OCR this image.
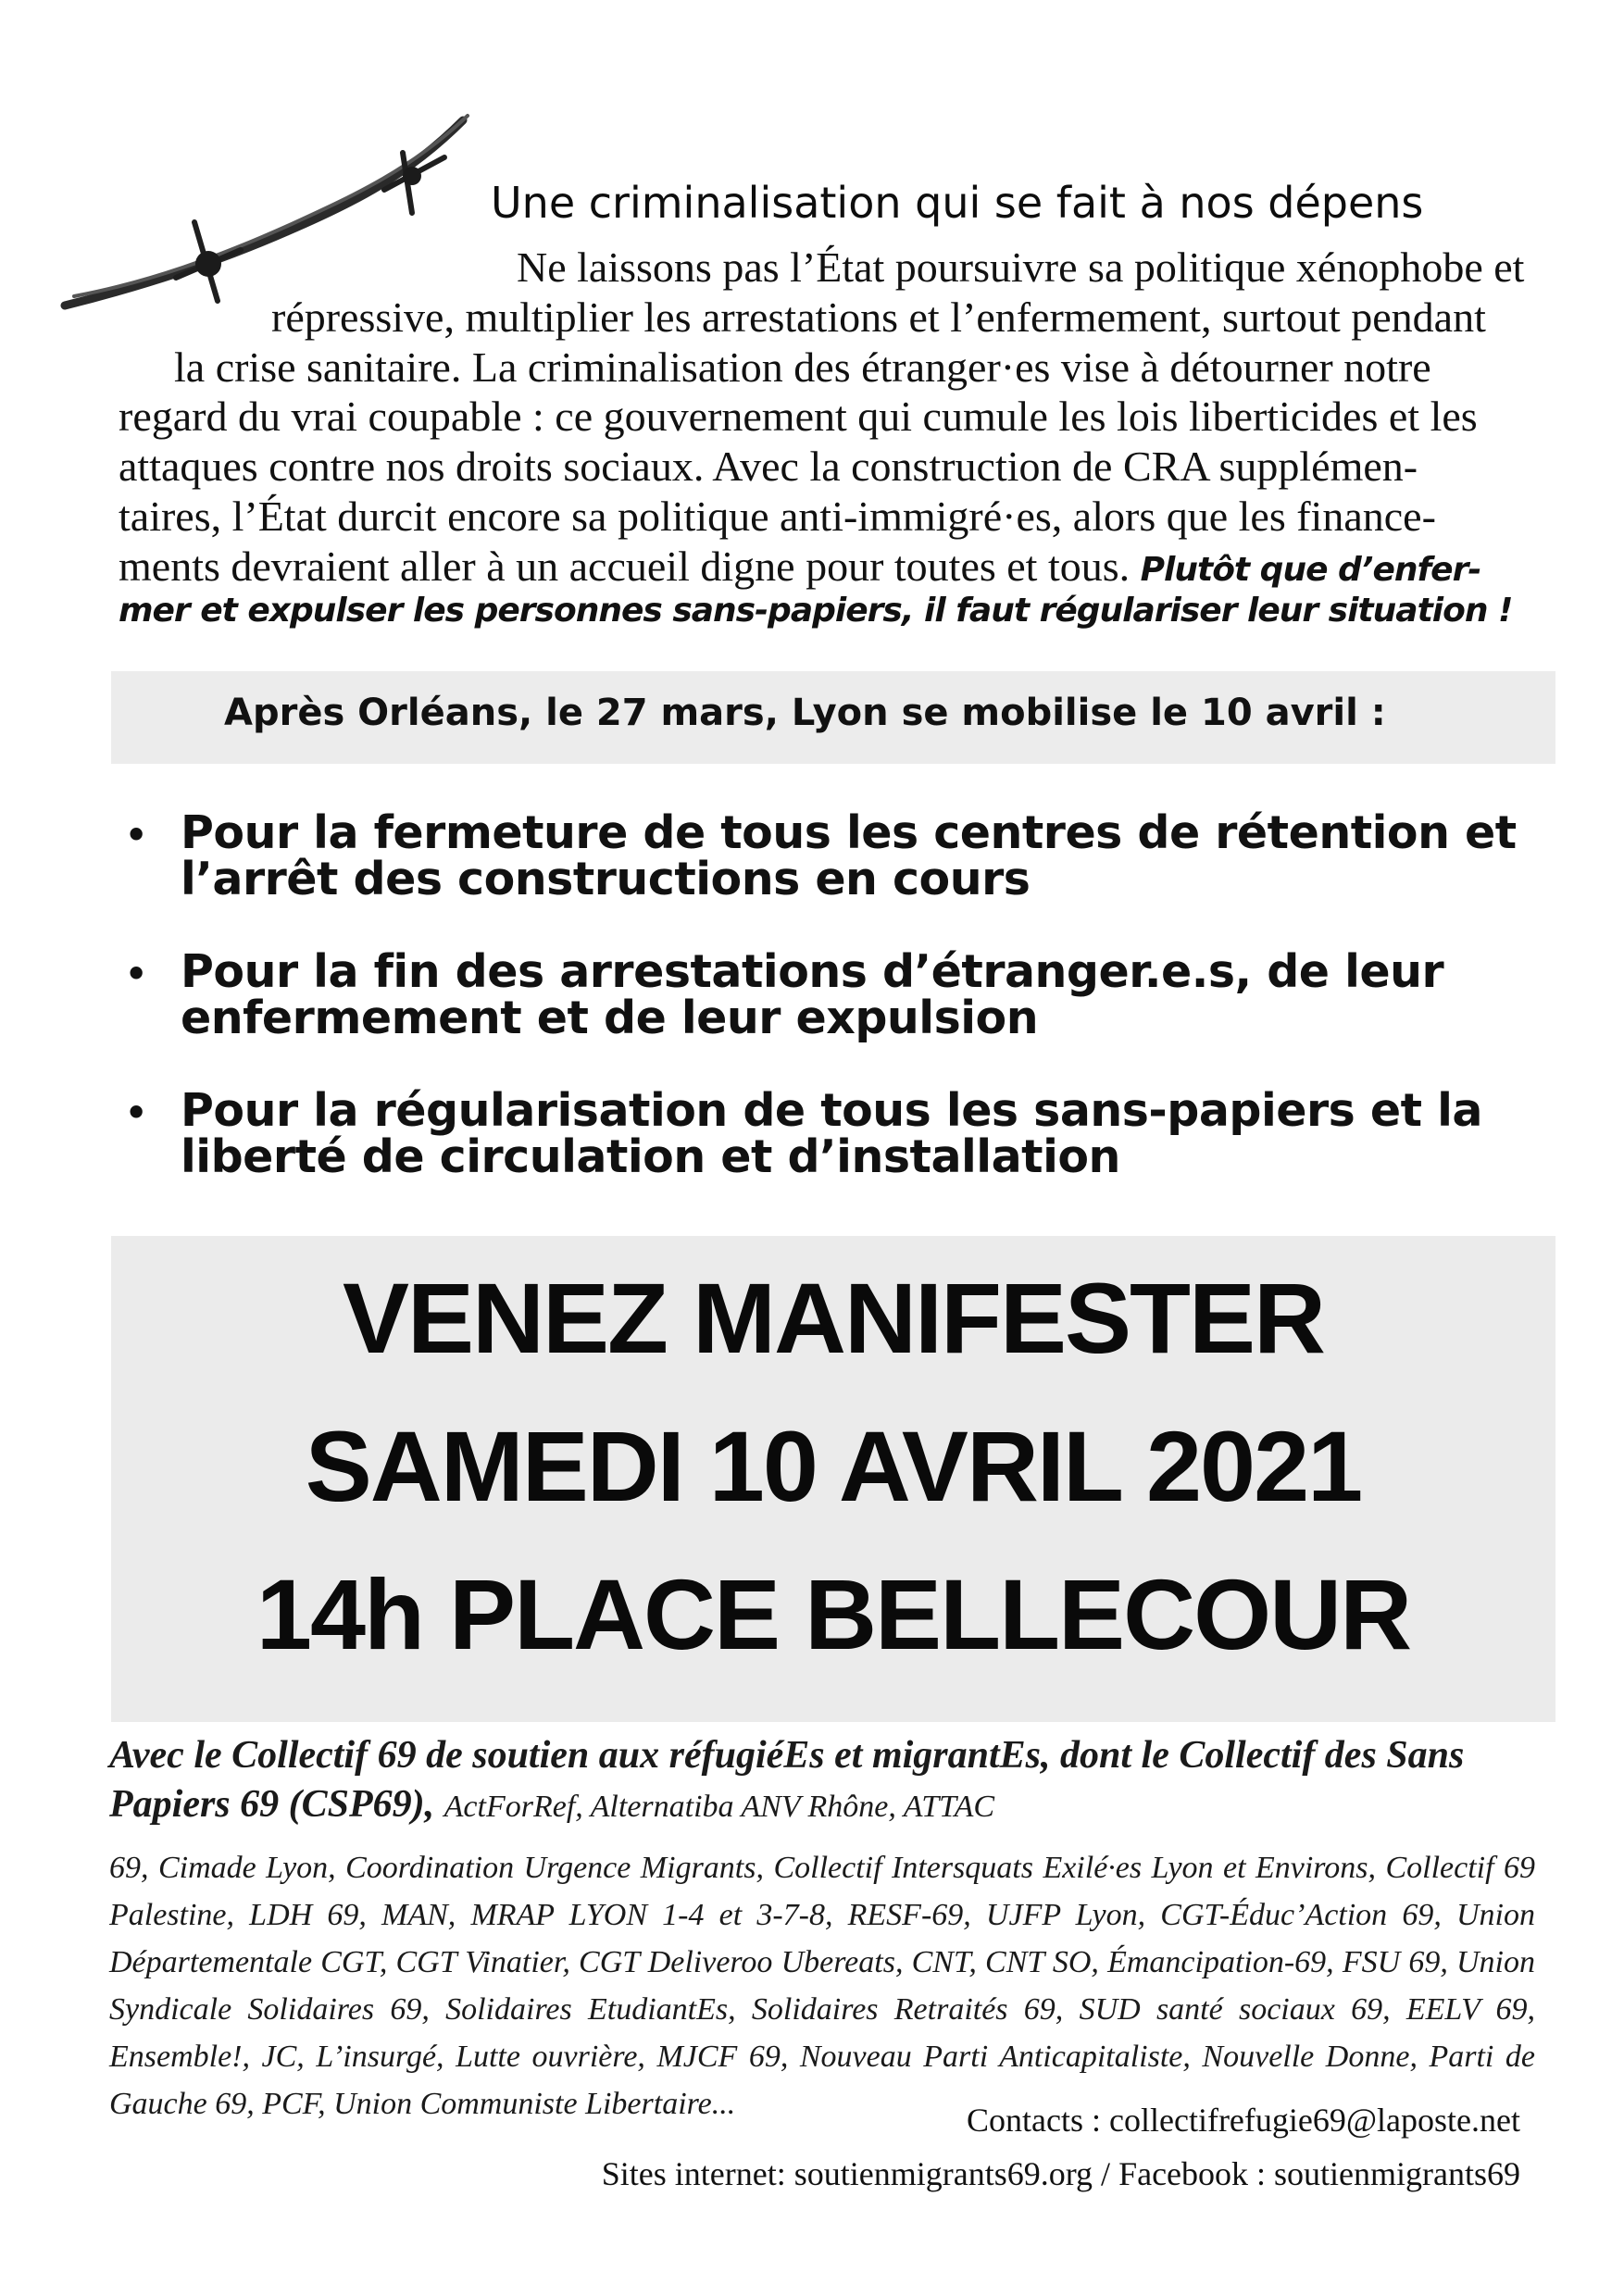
Une criminalisation qui se fait à nos dépens
Ne laissons pas l’État poursuivre sa politique xénophobe et
répressive, multiplier les arrestations et l’enfermement, surtout pendant
la crise sanitaire. La criminalisation des étranger·es vise à détourner notre
regard du vrai coupable : ce gouvernement qui cumule les lois liberticides et les
attaques contre nos droits sociaux. Avec la construction de CRA supplémen-
taires, l’État durcit encore sa politique anti-immigré·es, alors que les finance-
ments devraient aller à un accueil digne pour toutes et tous. Plutôt que d’enfer-
mer et expulser les personnes sans-papiers, il faut régulariser leur situation !
Après Orléans, le 27 mars, Lyon se mobilise le 10 avril :
• Pour la fermeture de tous les centres de rétention et l’arrêt des constructions en cours
• Pour la fin des arrestations d’étranger.e.s, de leur enfermement et de leur expulsion
• Pour la régularisation de tous les sans-papiers et la liberté de circulation et d’installation
VENEZ MANIFESTER
SAMEDI 10 AVRIL 2021
14h PLACE BELLECOUR
Avec le Collectif 69 de soutien aux réfugiéEs et migrantEs, dont le Collectif des Sans Papiers 69 (CSP69), ActForRef, Alternatiba ANV Rhône, ATTAC
69, Cimade Lyon, Coordination Urgence Migrants, Collectif Intersquats Exilé·es Lyon et Environs, Collectif 69 Palestine, LDH 69, MAN, MRAP LYON 1-4 et 3-7-8, RESF-69, UJFP Lyon, CGT-Éduc’Action 69, Union Départementale CGT, CGT Vinatier, CGT Deliveroo Ubereats, CNT, CNT SO, Émancipation-69, FSU 69, Union Syndicale Solidaires 69, Solidaires EtudiantEs, Solidaires Retraités 69, SUD santé sociaux 69, EELV 69, Ensemble!, JC, L’insurgé, Lutte ouvrière, MJCF 69, Nouveau Parti Anticapitaliste, Nouvelle Donne, Parti de Gauche 69, PCF, Union Communiste Libertaire...	Contacts : collectifrefugie69@laposte.net
Sites internet: soutienmigrants69.org / Facebook : soutienmigrants69
